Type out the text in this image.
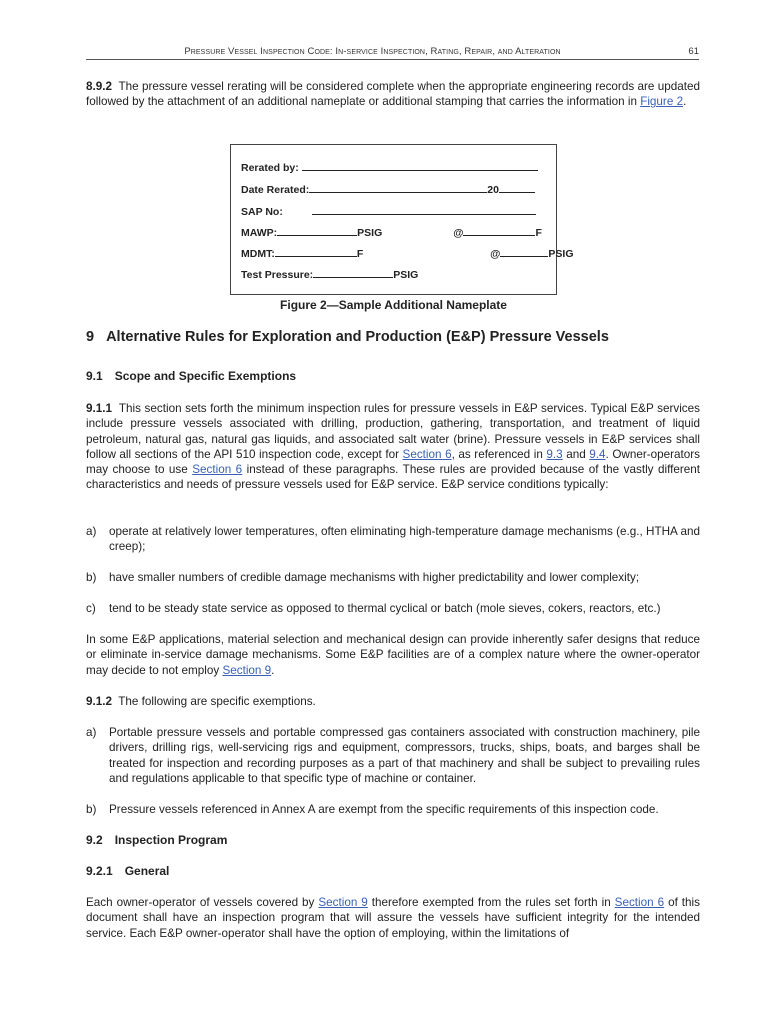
Pressure Vessel Inspection Code: In-service Inspection, Rating, Repair, and Alteration	61

8.9.2 The pressure vessel rerating will be considered complete when the appropriate engineering records are updated followed by the attachment of an additional nameplate or additional stamping that carries the information in Figure 2.

Rerated by:
Date Rerated:	20
SAP No:
MAWP:	PSIG	@	F
MDMT:	F	@	PSIG
Test Pressure:	PSIG
Figure 2—Sample Additional Nameplate
9 Alternative Rules for Exploration and Production (E&P) Pressure Vessels
9.1 Scope and Specific Exemptions

9.1.1 This section sets forth the minimum inspection rules for pressure vessels in E&P services. Typical E&P services include pressure vessels associated with drilling, production, gathering, transportation, and treatment of liquid petroleum, natural gas, natural gas liquids, and associated salt water (brine). Pressure vessels in E&P services shall follow all sections of the API 510 inspection code, except for Section 6, as referenced in 9.3 and 9.4. Owner-operators may choose to use Section 6 instead of these paragraphs. These rules are provided because of the vastly different characteristics and needs of pressure vessels used for E&P service. E&P service conditions typically:

a) operate at relatively lower temperatures, often eliminating high-temperature damage mechanisms (e.g., HTHA and creep);
b) have smaller numbers of credible damage mechanisms with higher predictability and lower complexity;
c) tend to be steady state service as opposed to thermal cyclical or batch (mole sieves, cokers, reactors, etc.)

In some E&P applications, material selection and mechanical design can provide inherently safer designs that reduce or eliminate in-service damage mechanisms. Some E&P facilities are of a complex nature where the owner-operator may decide to not employ Section 9.

9.1.2 The following are specific exemptions.

a) Portable pressure vessels and portable compressed gas containers associated with construction machinery, pile drivers, drilling rigs, well-servicing rigs and equipment, compressors, trucks, ships, boats, and barges shall be treated for inspection and recording purposes as a part of that machinery and shall be subject to prevailing rules and regulations applicable to that specific type of machine or container.
b) Pressure vessels referenced in Annex A are exempt from the specific requirements of this inspection code.
9.2 Inspection Program
9.2.1 General

Each owner-operator of vessels covered by Section 9 therefore exempted from the rules set forth in Section 6 of this document shall have an inspection program that will assure the vessels have sufficient integrity for the intended service. Each E&P owner-operator shall have the option of employing, within the limitations of
